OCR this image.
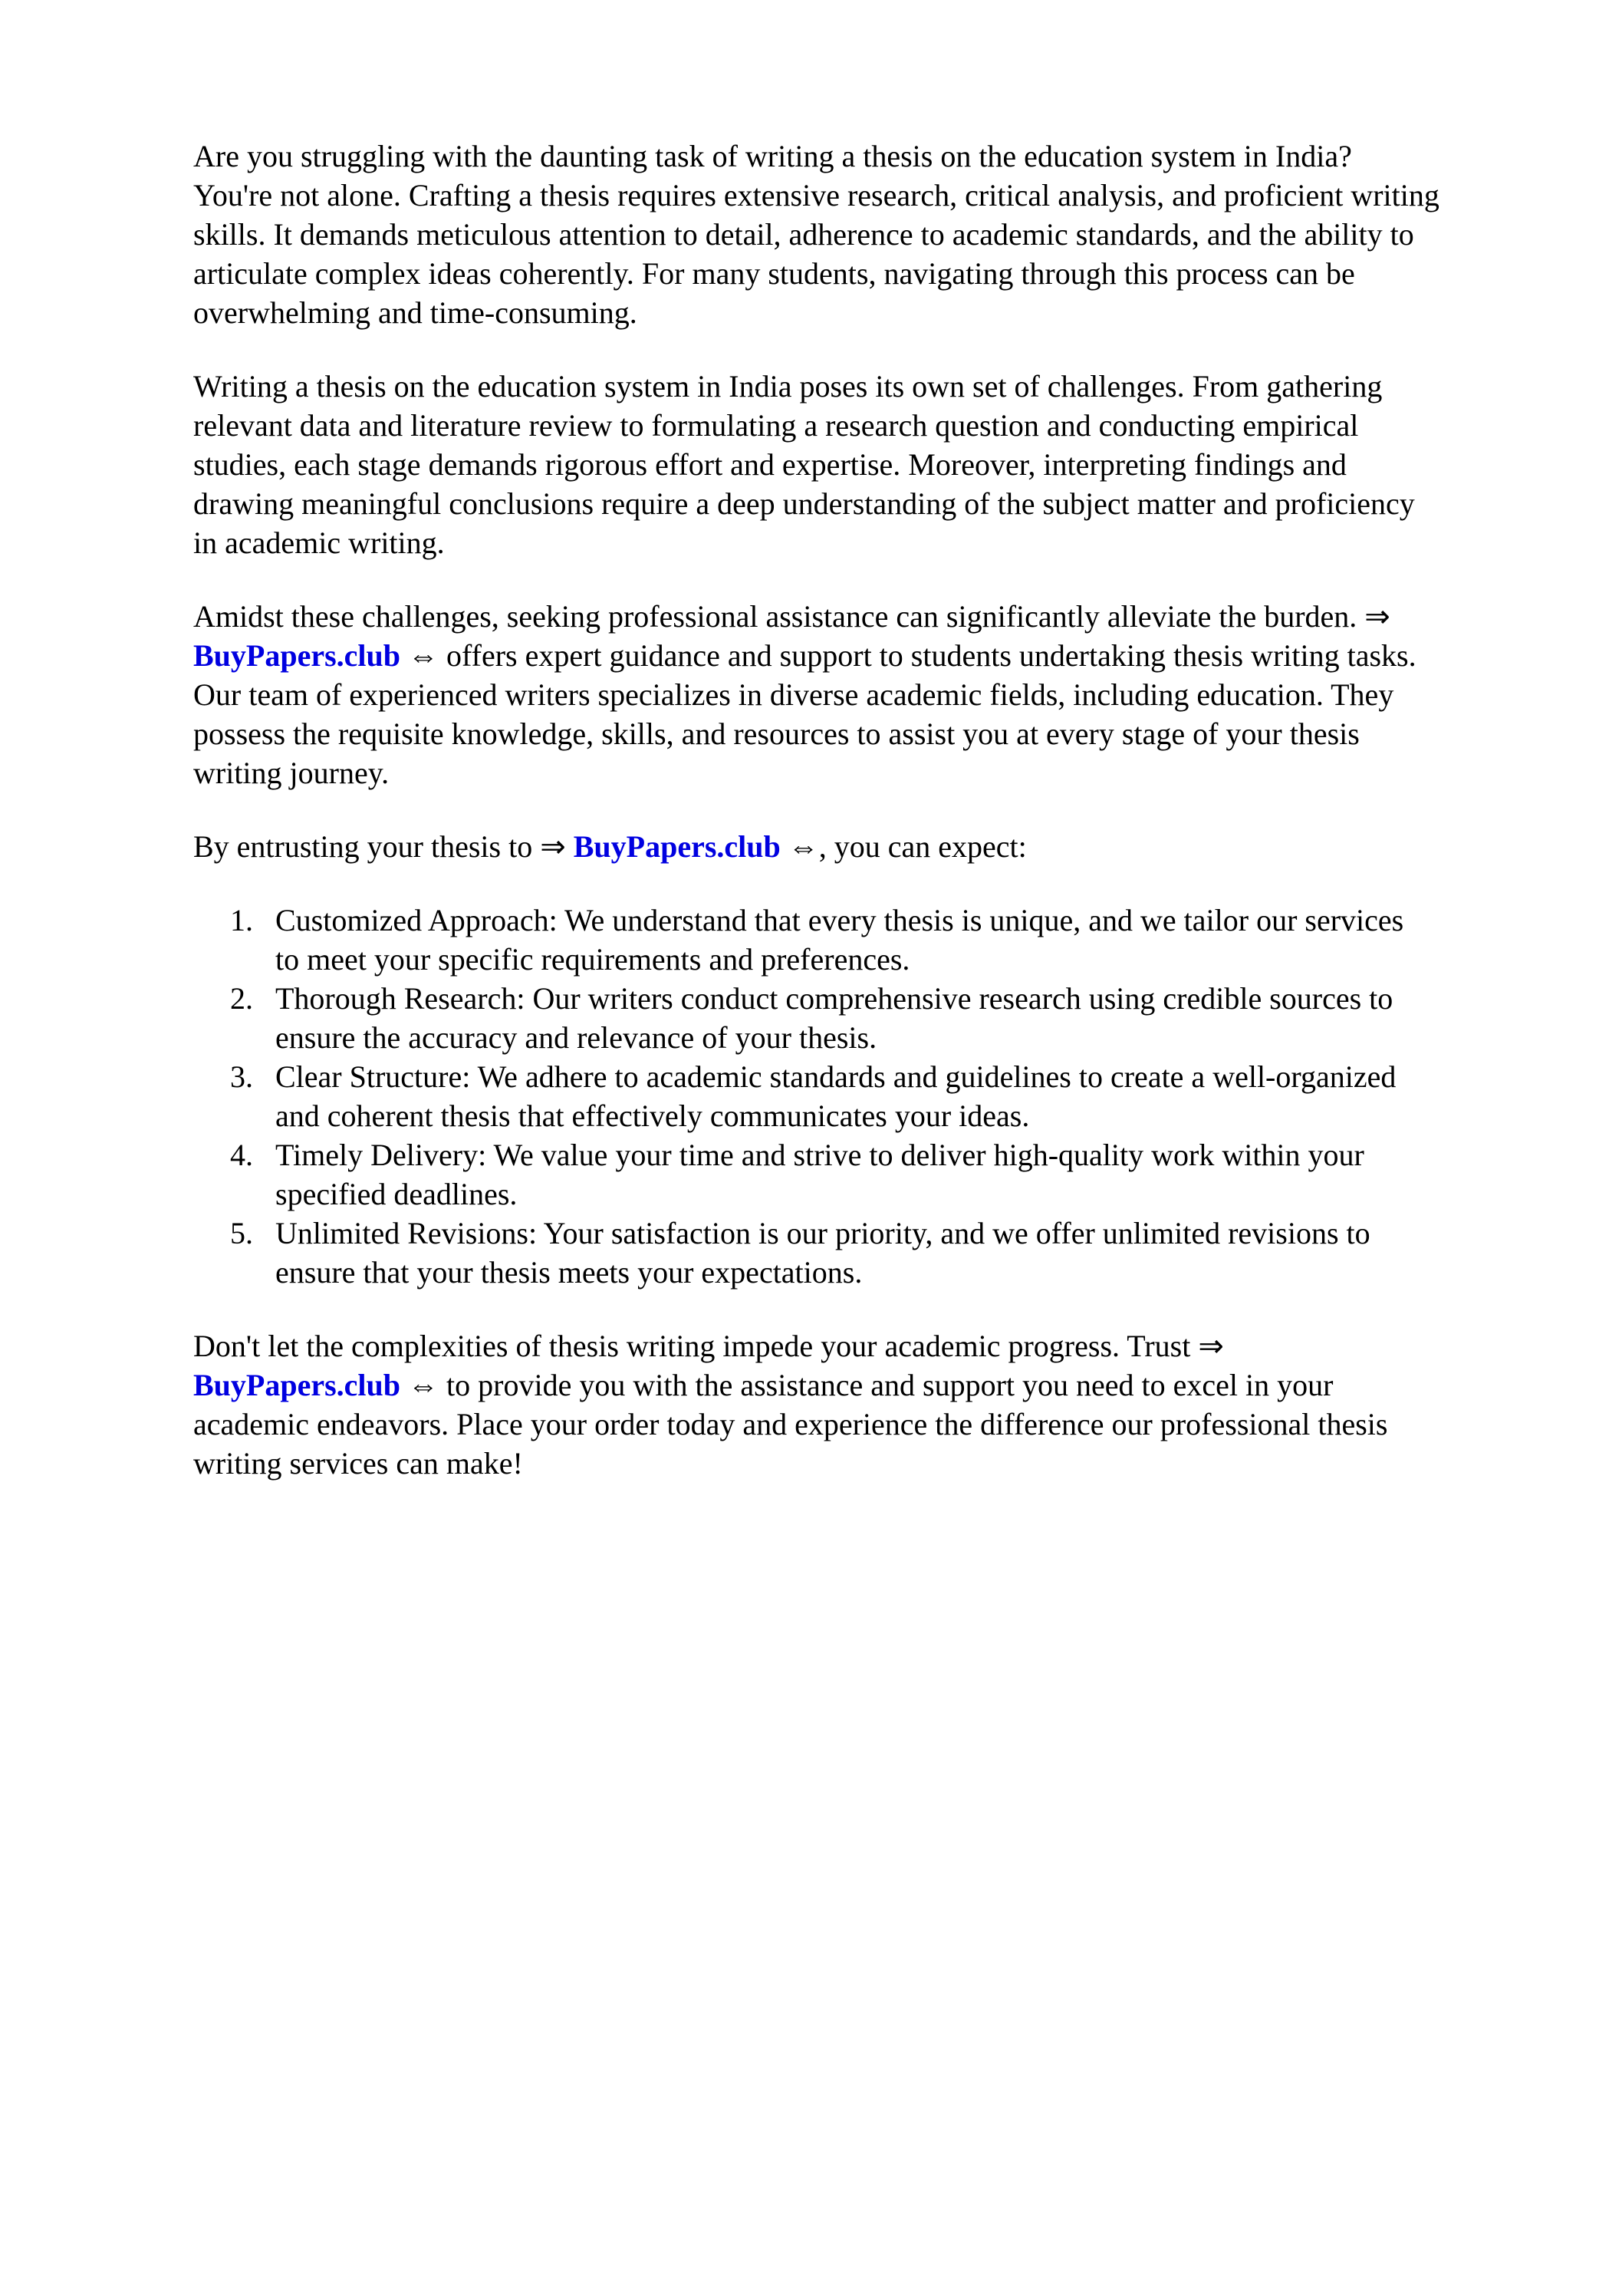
Are you struggling with the daunting task of writing a thesis on the education system in India?
You're not alone. Crafting a thesis requires extensive research, critical analysis, and proficient writing
skills. It demands meticulous attention to detail, adherence to academic standards, and the ability to
articulate complex ideas coherently. For many students, navigating through this process can be
overwhelming and time-consuming.

Writing a thesis on the education system in India poses its own set of challenges. From gathering
relevant data and literature review to formulating a research question and conducting empirical
studies, each stage demands rigorous effort and expertise. Moreover, interpreting findings and
drawing meaningful conclusions require a deep understanding of the subject matter and proficiency
in academic writing.

Amidst these challenges, seeking professional assistance can significantly alleviate the burden. ⇒
BuyPapers.club ⇔ offers expert guidance and support to students undertaking thesis writing tasks.
Our team of experienced writers specializes in diverse academic fields, including education. They
possess the requisite knowledge, skills, and resources to assist you at every stage of your thesis
writing journey.

By entrusting your thesis to ⇒ BuyPapers.club ⇔, you can expect:

1. Customized Approach: We understand that every thesis is unique, and we tailor our services
to meet your specific requirements and preferences.
2. Thorough Research: Our writers conduct comprehensive research using credible sources to
ensure the accuracy and relevance of your thesis.
3. Clear Structure: We adhere to academic standards and guidelines to create a well-organized
and coherent thesis that effectively communicates your ideas.
4. Timely Delivery: We value your time and strive to deliver high-quality work within your
specified deadlines.
5. Unlimited Revisions: Your satisfaction is our priority, and we offer unlimited revisions to
ensure that your thesis meets your expectations.

Don't let the complexities of thesis writing impede your academic progress. Trust ⇒
BuyPapers.club ⇔ to provide you with the assistance and support you need to excel in your
academic endeavors. Place your order today and experience the difference our professional thesis
writing services can make!
